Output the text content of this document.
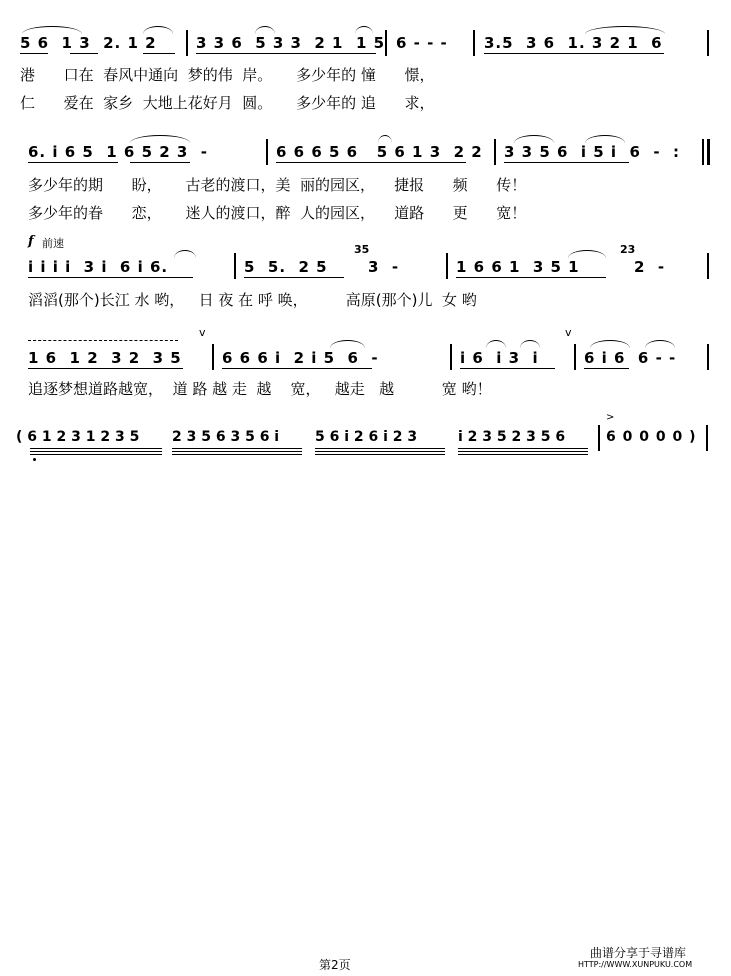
5 6  1 3  2. 1 2	3 3 6  5 3 3  2 1  1 5 6 - - - 3.5  3 6  1. 3 2 1  6
港      口在 春风中通向  梦的伟 岸。 多少年的 憧      憬，
仁      爱在 家乡  大地上花好月 圆。 多少年的 追      求，
6. i 6 5  1 6 5 2 3  -	6 6 6 5 6   5 6 1 3  2 2 3 3 5 6  i 5 i  6  -  :
多少年的期      盼， 古老的渡口，美  丽的园区， 捷报      频      传！
多少年的眷      恋， 迷人的渡口，醉  人的园区， 道路      更      宽！
f 前速
i i i i  3 i  6 i 6.	5  5.  2 5
35
3  -	1 6 6 1  3 5 1
23
2  -
滔滔(那个)长江 水 哟， 日 夜 在 呼 唤，	高原(那个)儿  女 哟
v	v
1 6  1 2  3 2  3 5	6 6 6 i  2 i 5  6  -	i 6  i 3  i	6 i 6  6 - -
追逐梦想道路越宽， 道 路 越 走  越    宽， 越走   越	宽 哟！
( 6 1 2 3 1 2 3 5 2 3 5 6 3 5 6 i	5 6 i 2 6 i 2 3	i 2 3 5 2 3 5 6
>
6 0 0 0 0 )
第2页
曲谱分享于寻谱库
HTTP://WWW.XUNPUKU.COM
